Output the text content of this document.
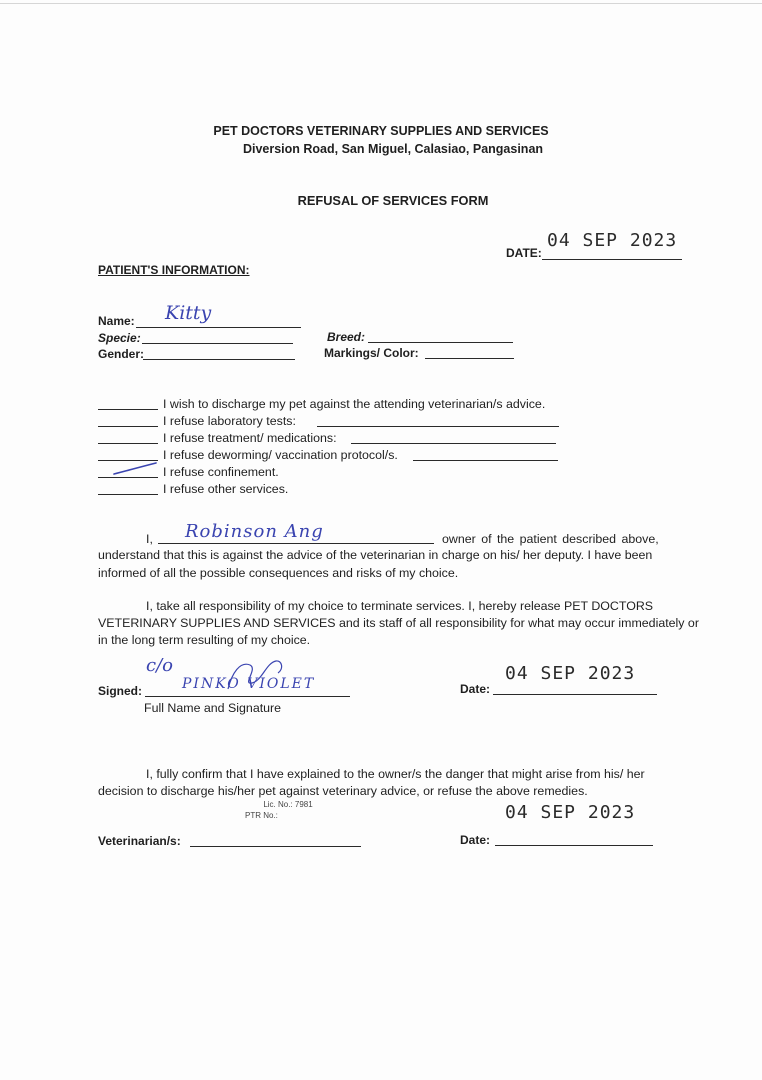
PET DOCTORS VETERINARY SUPPLIES AND SERVICES
Diversion Road, San Miguel, Calasiao, Pangasinan
REFUSAL OF SERVICES FORM
DATE:
04 SEP 2023
PATIENT'S INFORMATION:
Name: Kitty
Specie:
Gender:
Breed:
Markings/ Color:
I wish to discharge my pet against the attending veterinarian/s advice.
I refuse laboratory tests:
I refuse treatment/ medications:
I refuse deworming/ vaccination protocol/s.
I refuse confinement.
I refuse other services.
I, Robinson Ang	owner of the patient described above,
understand that this is against the advice of the veterinarian in charge on his/ her deputy. I have been
informed of all the possible consequences and risks of my choice.
I, take all responsibility of my choice to terminate services. I, hereby release PET DOCTORS
VETERINARY SUPPLIES AND SERVICES and its staff of all responsibility for what may occur immediately or
in the long term resulting of my choice.
c/o
Signed:	PINKO VIOLET
Full Name and Signature
Date:
04 SEP 2023
I, fully confirm that I have explained to the owner/s the danger that might arise from his/ her
decision to discharge his/her pet against veterinary advice, or refuse the above remedies.
Lic. No.: 7981
PTR No.:
Veterinarian/s:	Date:
04 SEP 2023
